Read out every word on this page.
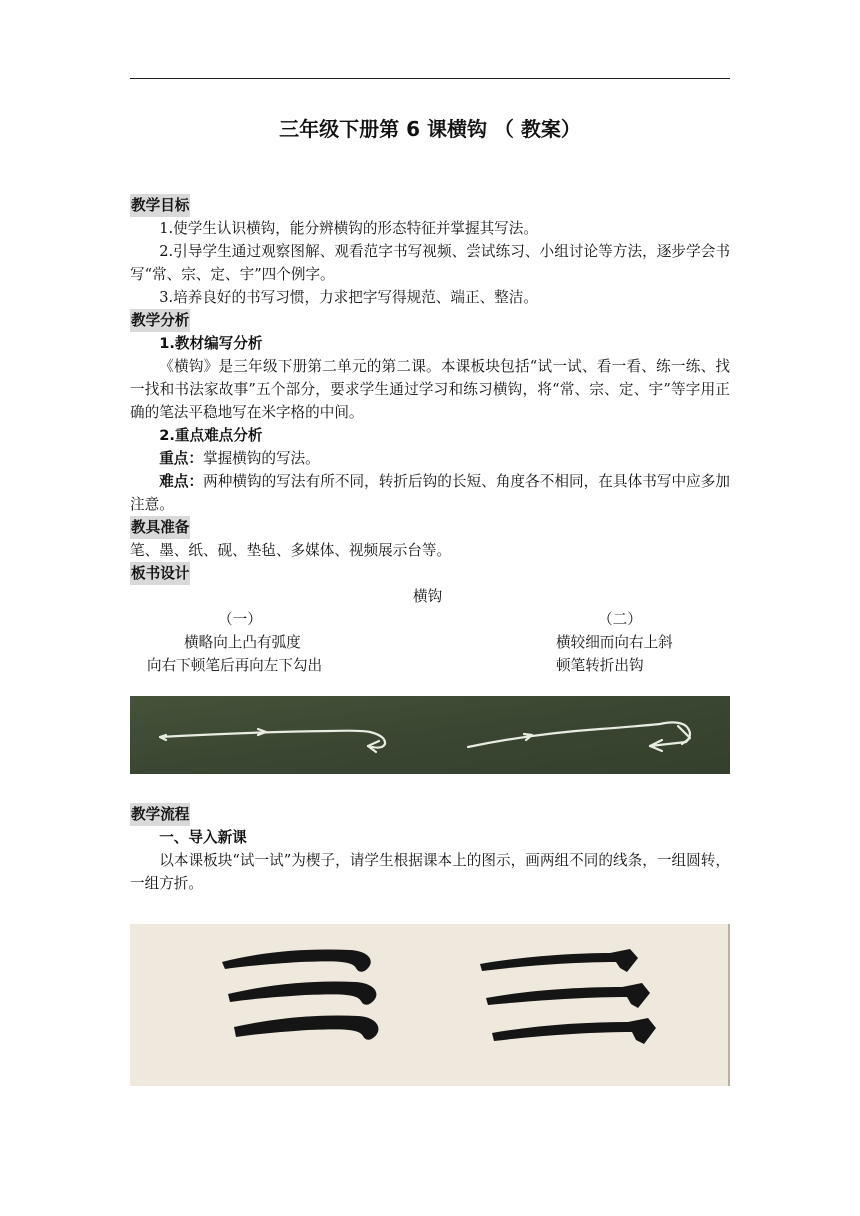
三年级下册第 6 课横钩 （ 教案）
教学目标

1.使学生认识横钩，能分辨横钩的形态特征并掌握其写法。

2.引导学生通过观察图解、观看范字书写视频、尝试练习、小组讨论等方法，逐步学会书写“常、宗、定、宇”四个例字。

3.培养良好的书写习惯，力求把字写得规范、端正、整洁。

教学分析

1.教材编写分析

《横钩》是三年级下册第二单元的第二课。本课板块包括“试一试、看一看、练一练、找一找和书法家故事”五个部分，要求学生通过学习和练习横钩，将“常、宗、定、宇”等字用正确的笔法平稳地写在米字格的中间。

2.重点难点分析

重点：掌握横钩的写法。

难点：两种横钩的写法有所不同，转折后钩的长短、角度各不相同，在具体书写中应多加注意。

教具准备

笔、墨、纸、砚、垫毡、多媒体、视频展示台等。

板书设计
横钩
（一）
横略向上凸有弧度
向右下顿笔后再向左下勾出
（二）
横较细而向右上斜
顿笔转折出钩
教学流程

一、导入新课

以本课板块“试一试”为楔子，请学生根据课本上的图示，画两组不同的线条，一组圆转，一组方折。
